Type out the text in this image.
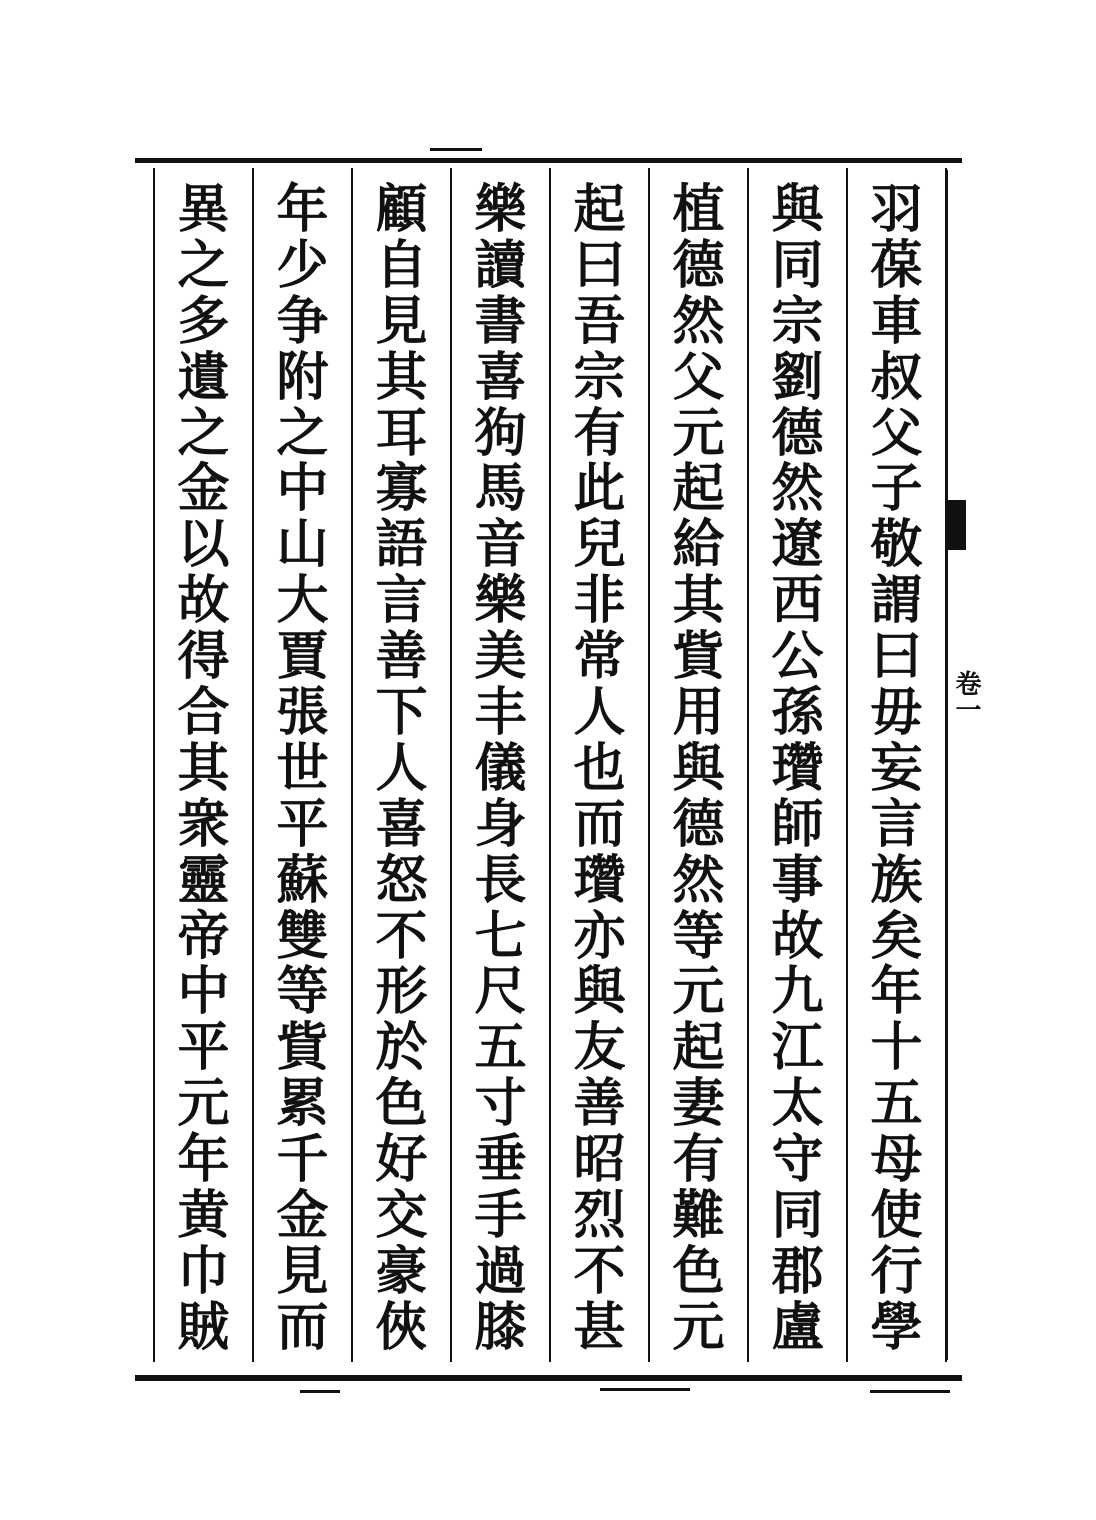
羽
葆
車
叔
父
子
敬
謂
曰
毋
妄
言
族
矣
年
十
五
母
使
行
學
與
同
宗
劉
德
然
遼
西
公
孫
瓚
師
事
故
九
江
太
守
同
郡
盧
植
德
然
父
元
起
給
其
貲
用
與
德
然
等
元
起
妻
有
難
色
元
起
曰
吾
宗
有
此
兒
非
常
人
也
而
瓚
亦
與
友
善
昭
烈
不
甚
樂
讀
書
喜
狗
馬
音
樂
美
丰
儀
身
長
七
尺
五
寸
垂
手
過
膝
顧
自
見
其
耳
寡
語
言
善
下
人
喜
怒
不
形
於
色
好
交
豪
俠
年
少
争
附
之
中
山
大
賈
張
世
平
蘇
雙
等
貲
累
千
金
見
而
異
之
多
遺
之
金
以
故
得
合
其
衆
靈
帝
中
平
元
年
黄
巾
賊
卷一
